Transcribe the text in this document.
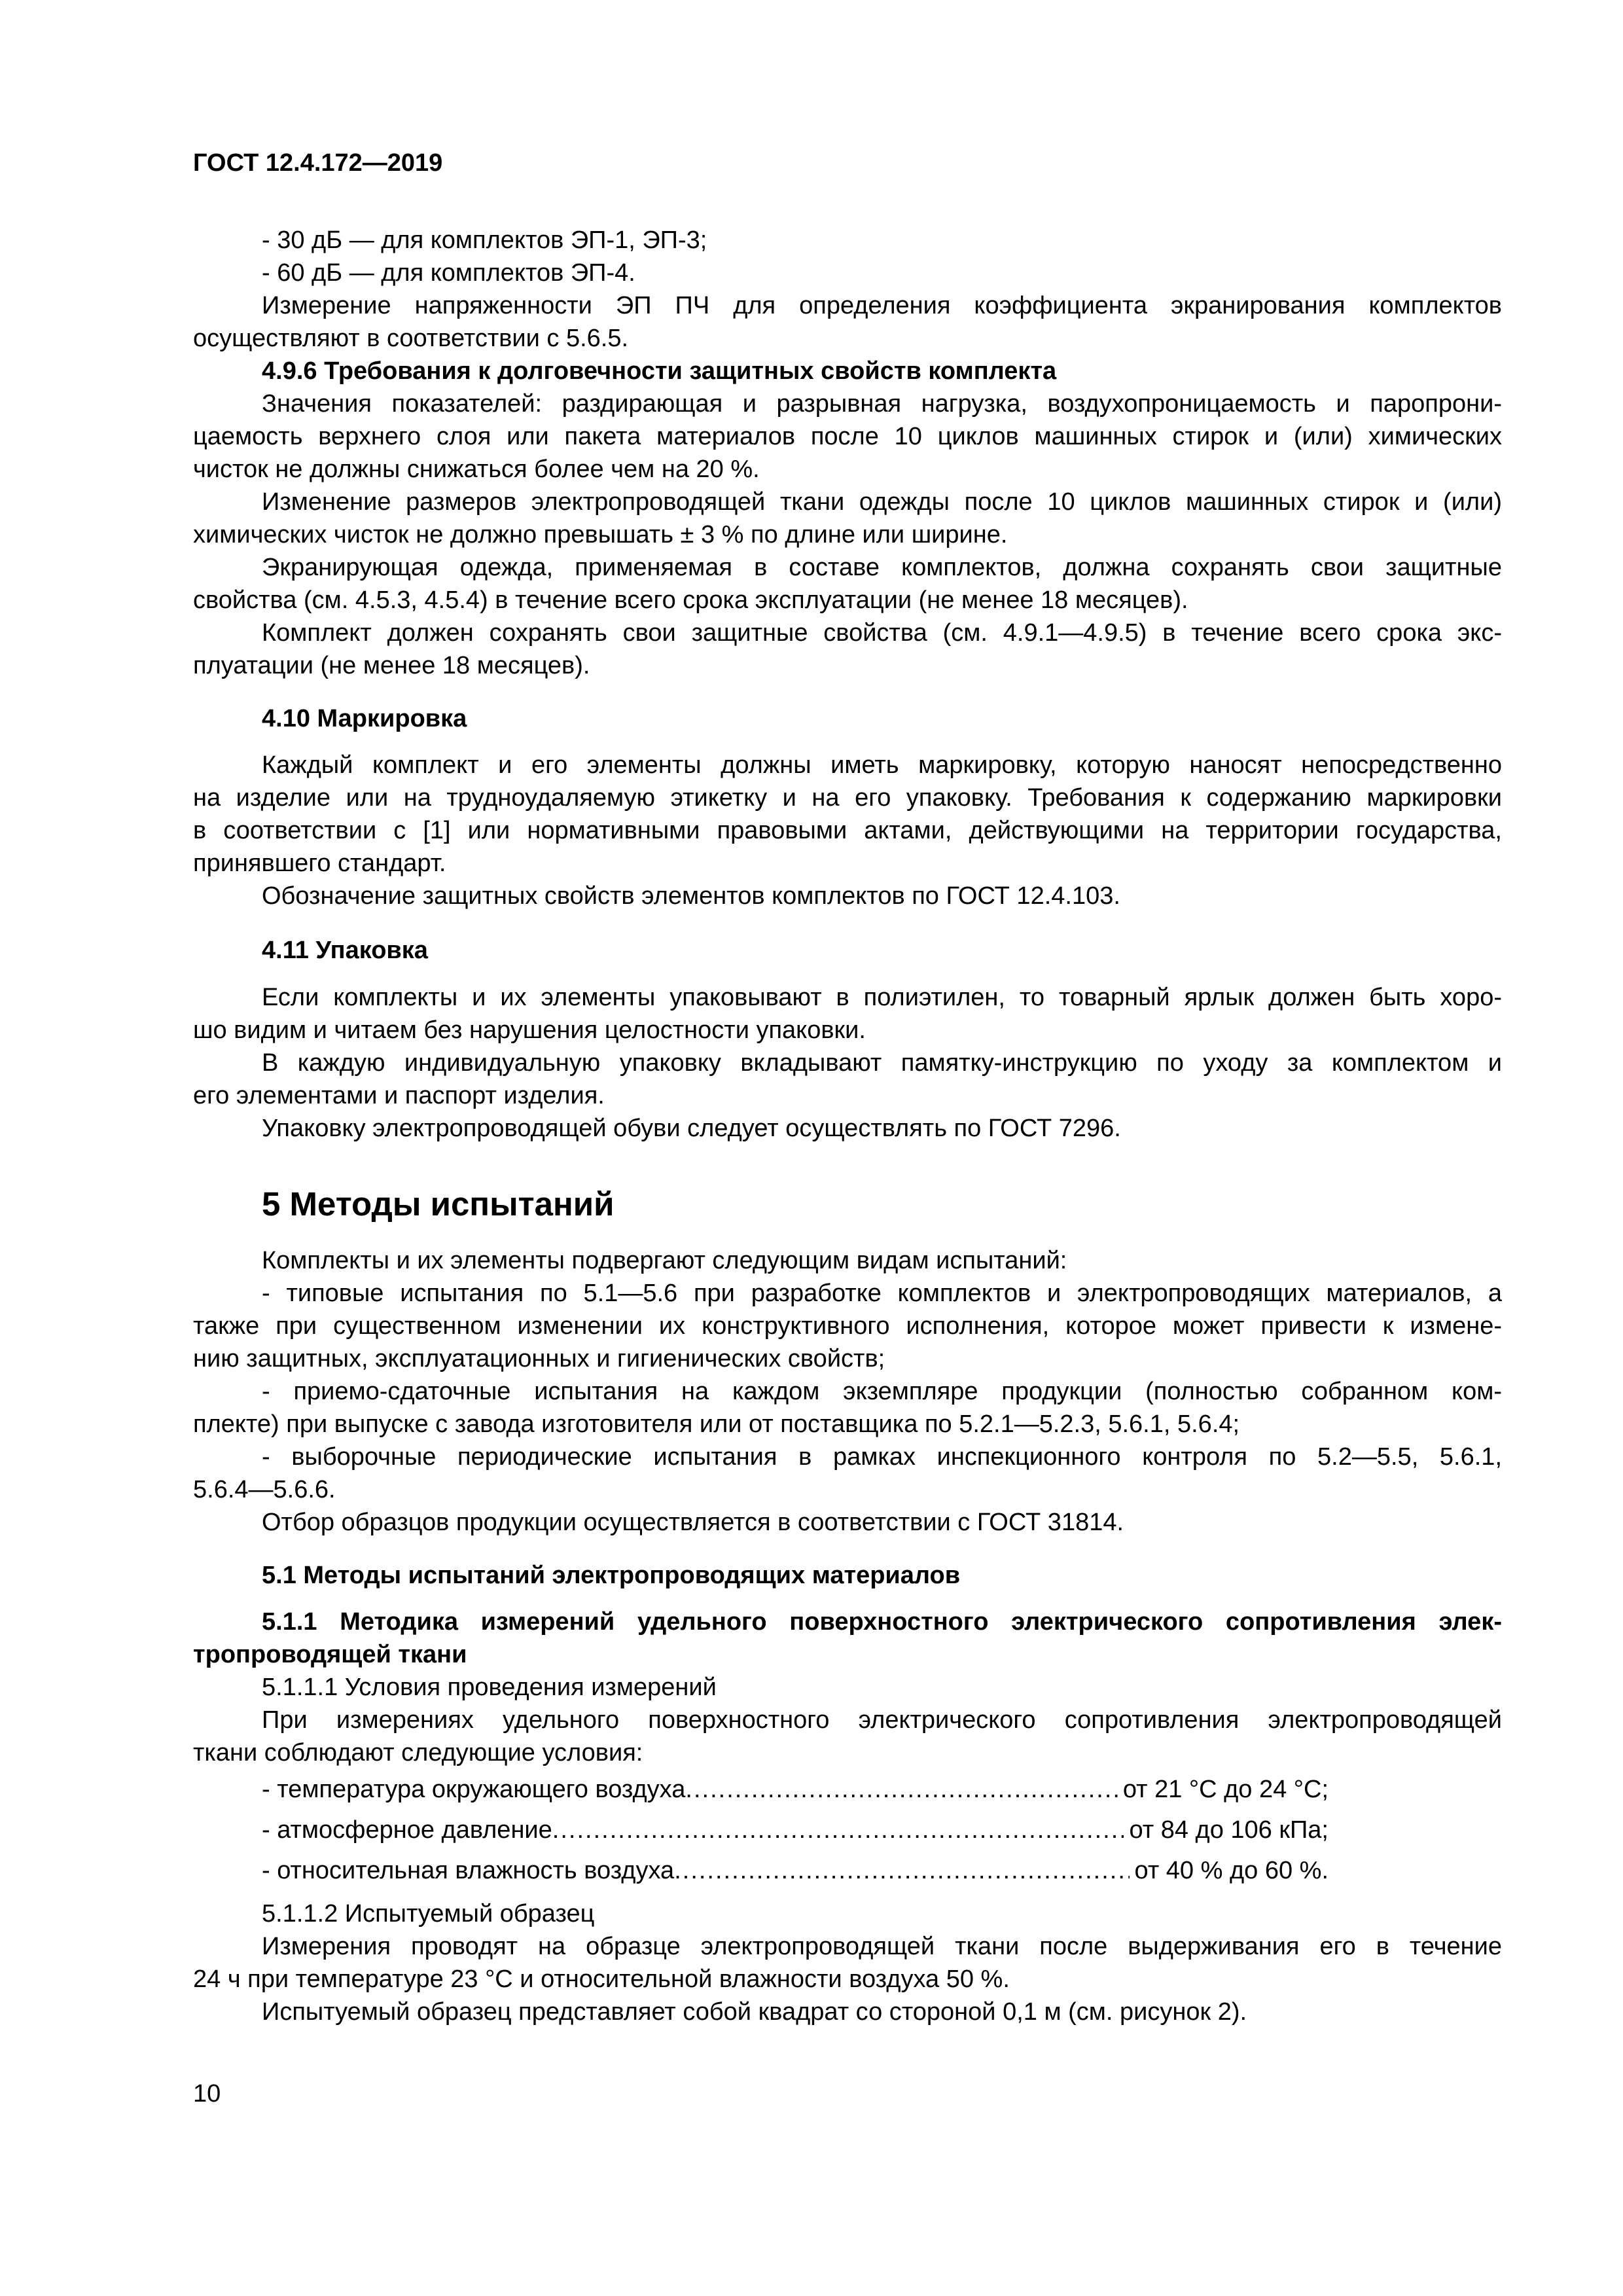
ГОСТ 12.4.172—2019
- 30 дБ — для комплектов ЭП-1, ЭП-3;
- 60 дБ — для комплектов ЭП-4.
Измерение напряженности ЭП ПЧ для определения коэффициента экранирования комплектов
осуществляют в соответствии с 5.6.5.
4.9.6 Требования к долговечности защитных свойств комплекта
Значения показателей: раздирающая и разрывная нагрузка, воздухопроницаемость и паропрони-
цаемость верхнего слоя или пакета материалов после 10 циклов машинных стирок и (или) химических
чисток не должны снижаться более чем на 20 %.
Изменение размеров электропроводящей ткани одежды после 10 циклов машинных стирок и (или)
химических чисток не должно превышать ± 3 % по длине или ширине.
Экранирующая одежда, применяемая в составе комплектов, должна сохранять свои защитные
свойства (см. 4.5.3, 4.5.4) в течение всего срока эксплуатации (не менее 18 месяцев).
Комплект должен сохранять свои защитные свойства (см. 4.9.1—4.9.5) в течение всего срока экс-
плуатации (не менее 18 месяцев).
4.10 Маркировка
Каждый комплект и его элементы должны иметь маркировку, которую наносят непосредственно
на изделие или на трудноудаляемую этикетку и на его упаковку. Требования к содержанию маркировки
в соответствии с [1] или нормативными правовыми актами, действующими на территории государства,
принявшего стандарт.
Обозначение защитных свойств элементов комплектов по ГОСТ 12.4.103.
4.11 Упаковка
Если комплекты и их элементы упаковывают в полиэтилен, то товарный ярлык должен быть хоро-
шо видим и читаем без нарушения целостности упаковки.
В каждую индивидуальную упаковку вкладывают памятку-инструкцию по уходу за комплектом и
его элементами и паспорт изделия.
Упаковку электропроводящей обуви следует осуществлять по ГОСТ 7296.
5 Методы испытаний
Комплекты и их элементы подвергают следующим видам испытаний:
- типовые испытания по 5.1—5.6 при разработке комплектов и электропроводящих материалов, а
также при существенном изменении их конструктивного исполнения, которое может привести к измене-
нию защитных, эксплуатационных и гигиенических свойств;
- приемо-сдаточные испытания на каждом экземпляре продукции (полностью собранном ком-
плекте) при выпуске с завода изготовителя или от поставщика по 5.2.1—5.2.3, 5.6.1, 5.6.4;
- выборочные периодические испытания в рамках инспекционного контроля по 5.2—5.5, 5.6.1,
5.6.4—5.6.6.
Отбор образцов продукции осуществляется в соответствии с ГОСТ 31814.
5.1 Методы испытаний электропроводящих материалов
5.1.1 Методика измерений удельного поверхностного электрического сопротивления элек-
тропроводящей ткани
5.1.1.1 Условия проведения измерений
При измерениях удельного поверхностного электрического сопротивления электропроводящей
ткани соблюдают следующие условия:
- температура окружающего воздуха .....	от 21 °С до 24 °С;
- атмосферное давление .....	от 84 до 106 кПа;
- относительная влажность воздуха .....	от 40 % до 60 %.
5.1.1.2 Испытуемый образец
Измерения проводят на образце электропроводящей ткани после выдерживания его в течение
24 ч при температуре 23 °С и относительной влажности воздуха 50 %.
Испытуемый образец представляет собой квадрат со стороной 0,1 м (см. рисунок 2).
10
